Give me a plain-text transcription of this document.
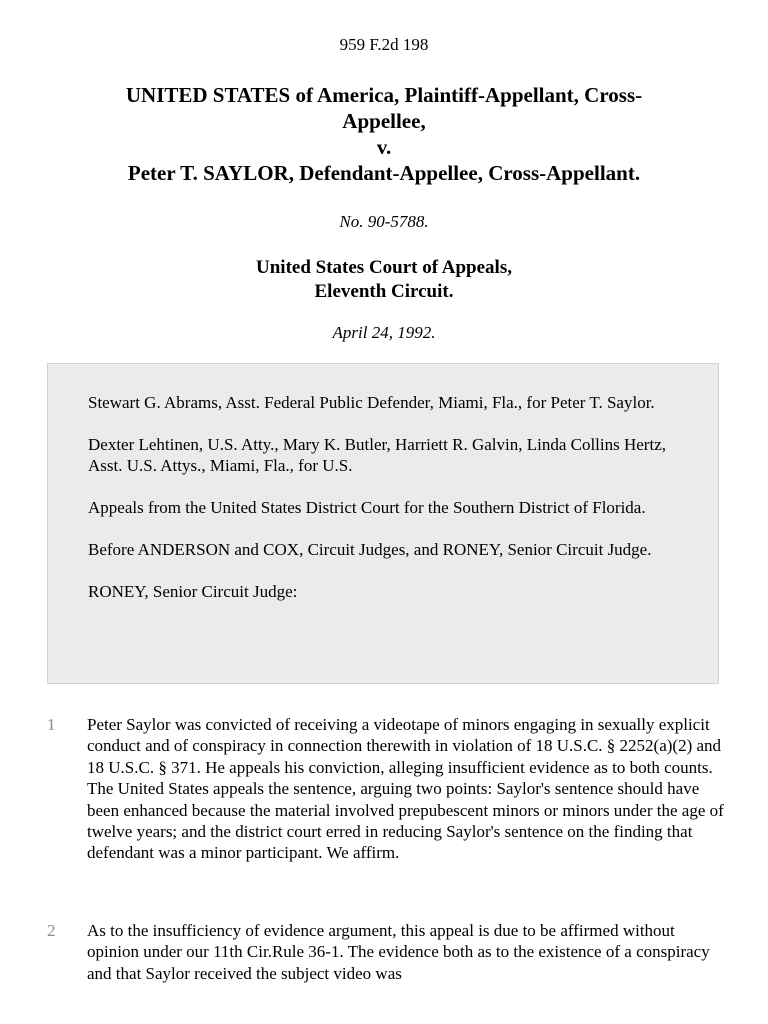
959 F.2d 198
UNITED STATES of America, Plaintiff-Appellant, Cross-
Appellee,
v.
Peter T. SAYLOR, Defendant-Appellee, Cross-Appellant.
No. 90-5788.
United States Court of Appeals,
Eleventh Circuit.
April 24, 1992.

Stewart G. Abrams, Asst. Federal Public Defender, Miami, Fla., for Peter T. Saylor.

Dexter Lehtinen, U.S. Atty., Mary K. Butler, Harriett R. Galvin, Linda Collins Hertz, Asst. U.S. Attys., Miami, Fla., for U.S.

Appeals from the United States District Court for the Southern District of Florida.

Before ANDERSON and COX, Circuit Judges, and RONEY, Senior Circuit Judge.

RONEY, Senior Circuit Judge:

1 Peter Saylor was convicted of receiving a videotape of minors engaging in sexually explicit conduct and of conspiracy in connection therewith in violation of 18 U.S.C. § 2252(a)(2) and 18 U.S.C. § 371. He appeals his conviction, alleging insufficient evidence as to both counts. The United States appeals the sentence, arguing two points: Saylor's sentence should have been enhanced because the material involved prepubescent minors or minors under the age of twelve years; and the district court erred in reducing Saylor's sentence on the finding that defendant was a minor participant. We affirm.
2 As to the insufficiency of evidence argument, this appeal is due to be affirmed without opinion under our 11th Cir.Rule 36-1. The evidence both as to the existence of a conspiracy and that Saylor received the subject video was
